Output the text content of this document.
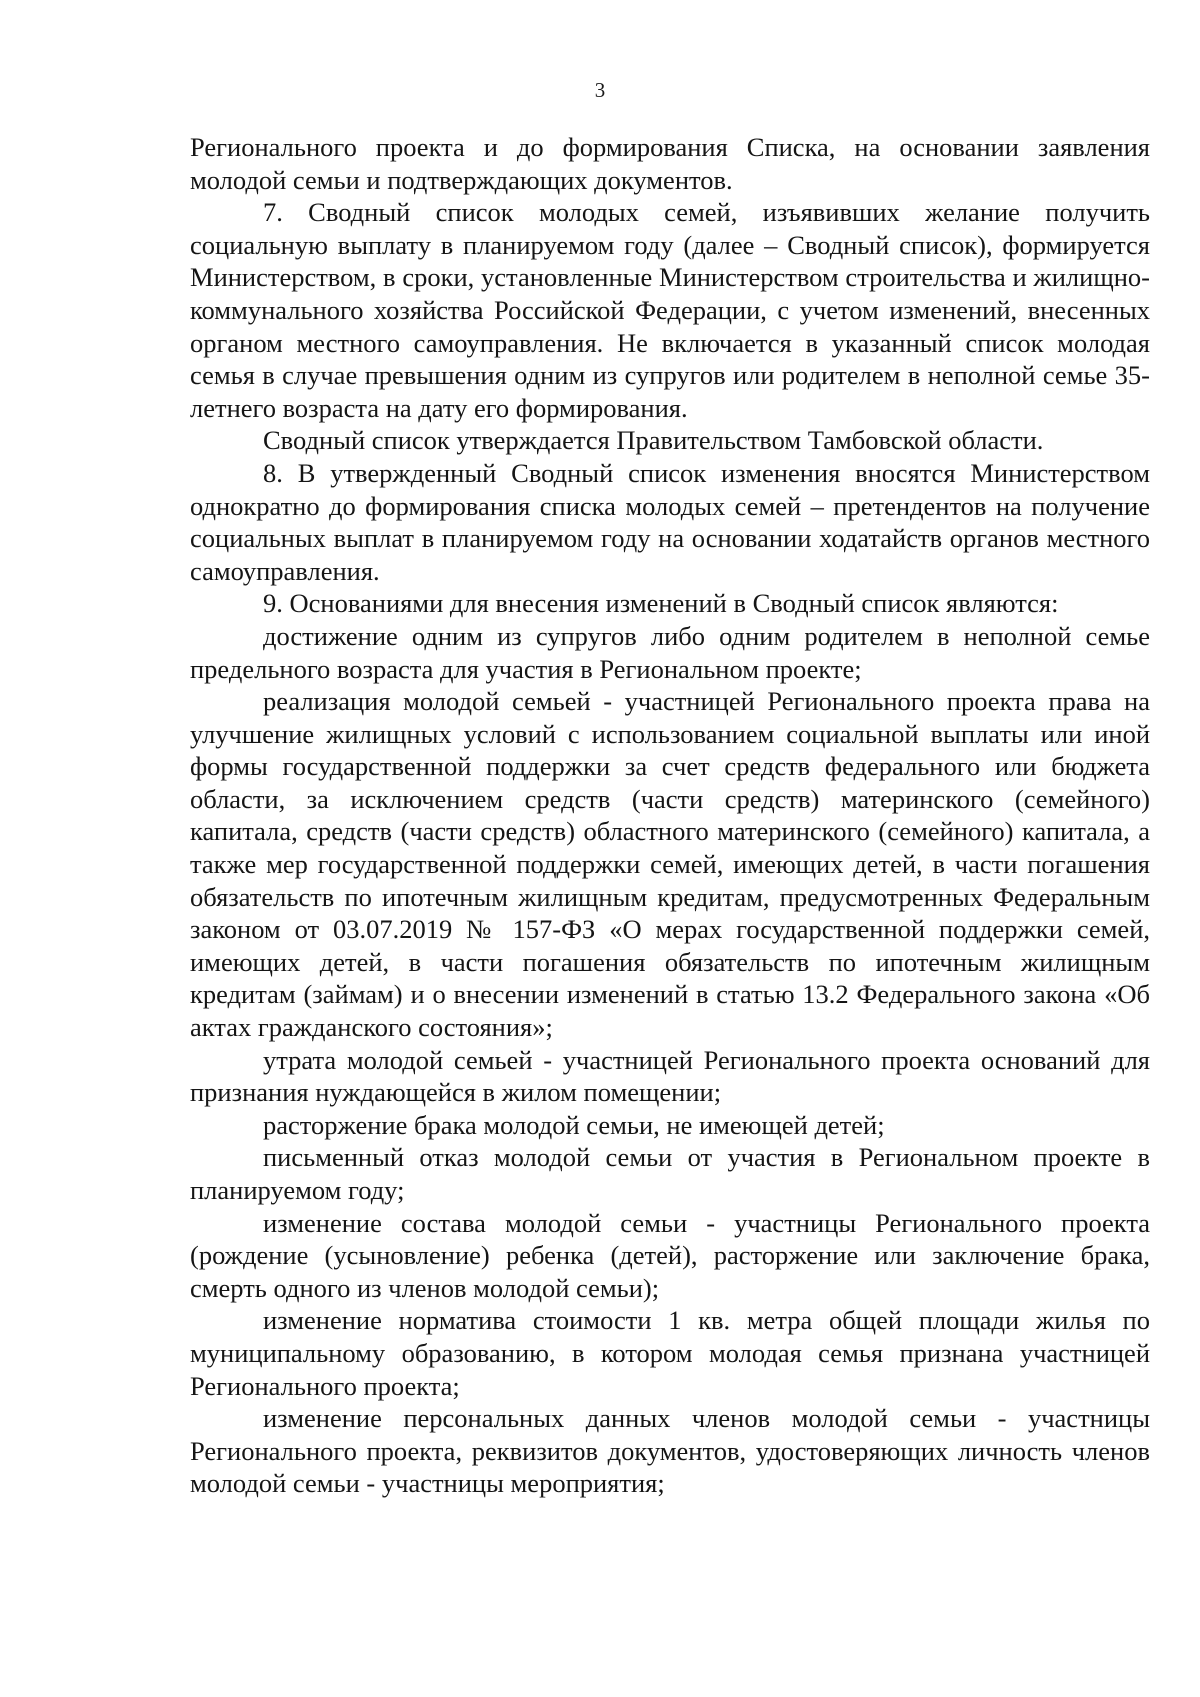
3

Регионального проекта и до формирования Списка, на основании заявления молодой семьи и подтверждающих документов.

7. Сводный список молодых семей, изъявивших желание получить социальную выплату в планируемом году (далее – Сводный список), формируется Министерством, в сроки, установленные Министерством строительства и жилищно-коммунального хозяйства Российской Федерации, с учетом изменений, внесенных органом местного самоуправления. Не включается в указанный список молодая семья в случае превышения одним из супругов или родителем в неполной семье 35-летнего возраста на дату его формирования.

Сводный список утверждается Правительством Тамбовской области.

8. В утвержденный Сводный список изменения вносятся Министерством однократно до формирования списка молодых семей – претендентов на получение социальных выплат в планируемом году на основании ходатайств органов местного самоуправления.

9. Основаниями для внесения изменений в Сводный список являются:

достижение одним из супругов либо одним родителем в неполной семье предельного возраста для участия в Региональном проекте;

реализация молодой семьей - участницей Регионального проекта права на улучшение жилищных условий с использованием социальной выплаты или иной формы государственной поддержки за счет средств федерального или бюджета области, за исключением средств (части средств) материнского (семейного) капитала, средств (части средств) областного материнского (семейного) капитала, а также мер государственной поддержки семей, имеющих детей, в части погашения обязательств по ипотечным жилищным кредитам, предусмотренных Федеральным законом от 03.07.2019 № 157-ФЗ «О мерах государственной поддержки семей, имеющих детей, в части погашения обязательств по ипотечным жилищным кредитам (займам) и о внесении изменений в статью 13.2 Федерального закона «Об актах гражданского состояния»;

утрата молодой семьей - участницей Регионального проекта оснований для признания нуждающейся в жилом помещении;

расторжение брака молодой семьи, не имеющей детей;

письменный отказ молодой семьи от участия в Региональном проекте в планируемом году;

изменение состава молодой семьи - участницы Регионального проекта (рождение (усыновление) ребенка (детей), расторжение или заключение брака, смерть одного из членов молодой семьи);

изменение норматива стоимости 1 кв. метра общей площади жилья по муниципальному образованию, в котором молодая семья признана участницей Регионального проекта;

изменение персональных данных членов молодой семьи - участницы Регионального проекта, реквизитов документов, удостоверяющих личность членов молодой семьи - участницы мероприятия;
